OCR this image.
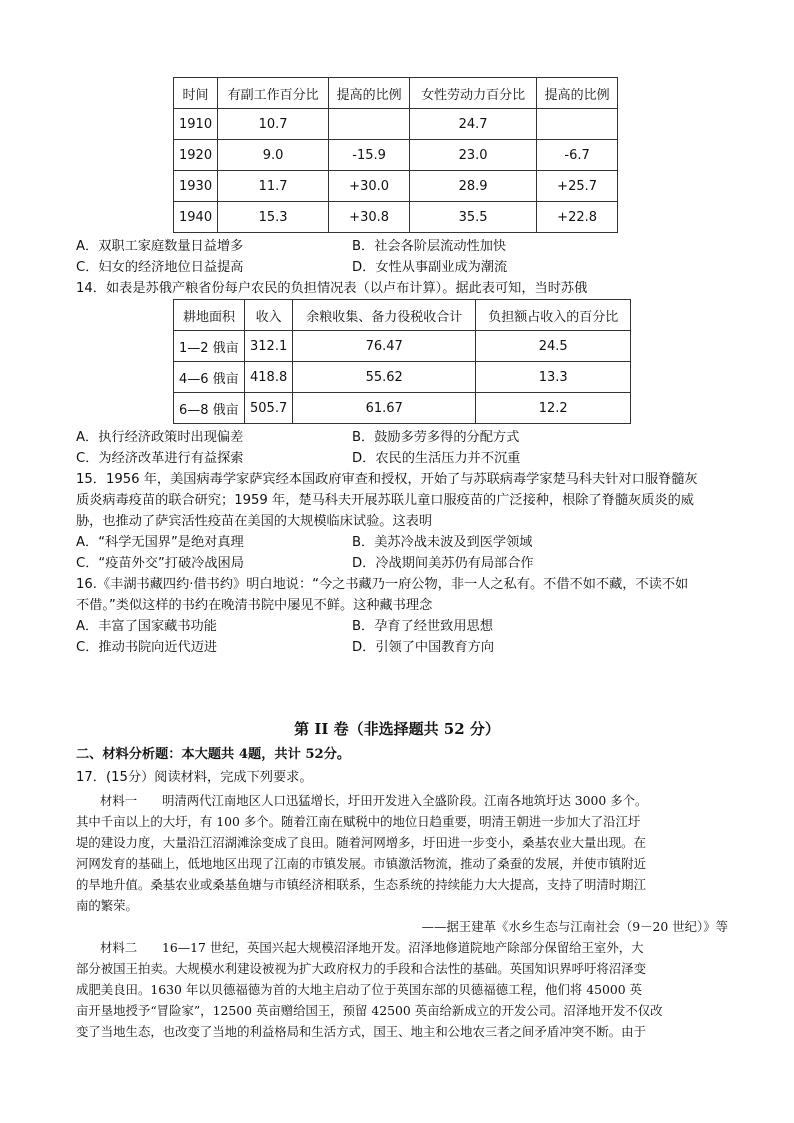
时间	有副工作百分比	提高的比例	女性劳动力百分比	提高的比例
1910	10.7		24.7	
1920	9.0	-15.9	23.0	-6.7
1930	11.7	+30.0	28.9	+25.7
1940	15.3	+30.8	35.5	+22.8
A．双职工家庭数量日益增多	B．社会各阶层流动性加快
C．妇女的经济地位日益提高	D．女性从事副业成为潮流
14．如表是苏俄产粮省份每户农民的负担情况表（以卢布计算）。据此表可知，当时苏俄
耕地面积	收入	余粮收集、备力役税收合计	负担额占收入的百分比
1—2 俄亩	312.1	76.47	24.5
4—6 俄亩	418.8	55.62	13.3
6—8 俄亩	505.7	61.67	12.2
A．执行经济政策时出现偏差	B．鼓励多劳多得的分配方式
C．为经济改革进行有益探索	D．农民的生活压力并不沉重
15．1956 年，美国病毒学家萨宾经本国政府审查和授权，开始了与苏联病毒学家楚马科夫针对口服脊髓灰
质炎病毒疫苗的联合研究；1959 年，楚马科夫开展苏联儿童口服疫苗的广泛接种，根除了脊髓灰质炎的威
胁，也推动了萨宾活性疫苗在美国的大规模临床试验。这表明
A．“科学无国界”是绝对真理	B．美苏冷战未波及到医学领域
C．“疫苗外交”打破冷战困局	D．冷战期间美苏仍有局部合作
16.《丰湖书藏四约·借书约》明白地说：“今之书藏乃一府公物，非一人之私有。不借不如不藏，不读不如
不借。”类似这样的书约在晚清书院中屡见不鲜。这种藏书理念
A．丰富了国家藏书功能	B．孕育了经世致用思想
C．推动书院向近代迈进	D．引领了中国教育方向
第 II 卷（非选择题共 52 分）
二、材料分析题：本大题共 4题，共计 52分。
17．(15分）阅读材料，完成下列要求。
材料一　　明清两代江南地区人口迅猛增长，圩田开发进入全盛阶段。江南各地筑圩达 3000 多个。
其中千亩以上的大圩，有 100 多个。随着江南在赋税中的地位日趋重要，明清王朝进一步加大了沿江圩
堤的建设力度，大量沿江沼湖滩涂变成了良田。随着河网增多，圩田进一步变小，桑基农业大量出现。在
河网发育的基础上，低地地区出现了江南的市镇发展。市镇激活物流，推动了桑蚕的发展，并使市镇附近
的旱地升值。桑基农业或桑基鱼塘与市镇经济相联系，生态系统的持续能力大大提高，支持了明清时期江
南的繁荣。
——据王建革《水乡生态与江南社会（9－20 世纪）》等
材料二　　16—17 世纪，英国兴起大规模沼泽地开发。沼泽地修道院地产除部分保留给王室外，大
部分被国王拍卖。大规模水利建设被视为扩大政府权力的手段和合法性的基础。英国知识界呼吁将沼泽变
成肥美良田。1630 年以贝德福德为首的大地主启动了位于英国东部的贝德福德工程，他们将 45000 英
亩开垦地授予“冒险家”，12500 英亩赠给国王，预留 42500 英亩给新成立的开发公司。沼泽地开发不仅改
变了当地生态，也改变了当地的利益格局和生活方式，国王、地主和公地农三者之间矛盾冲突不断。由于
